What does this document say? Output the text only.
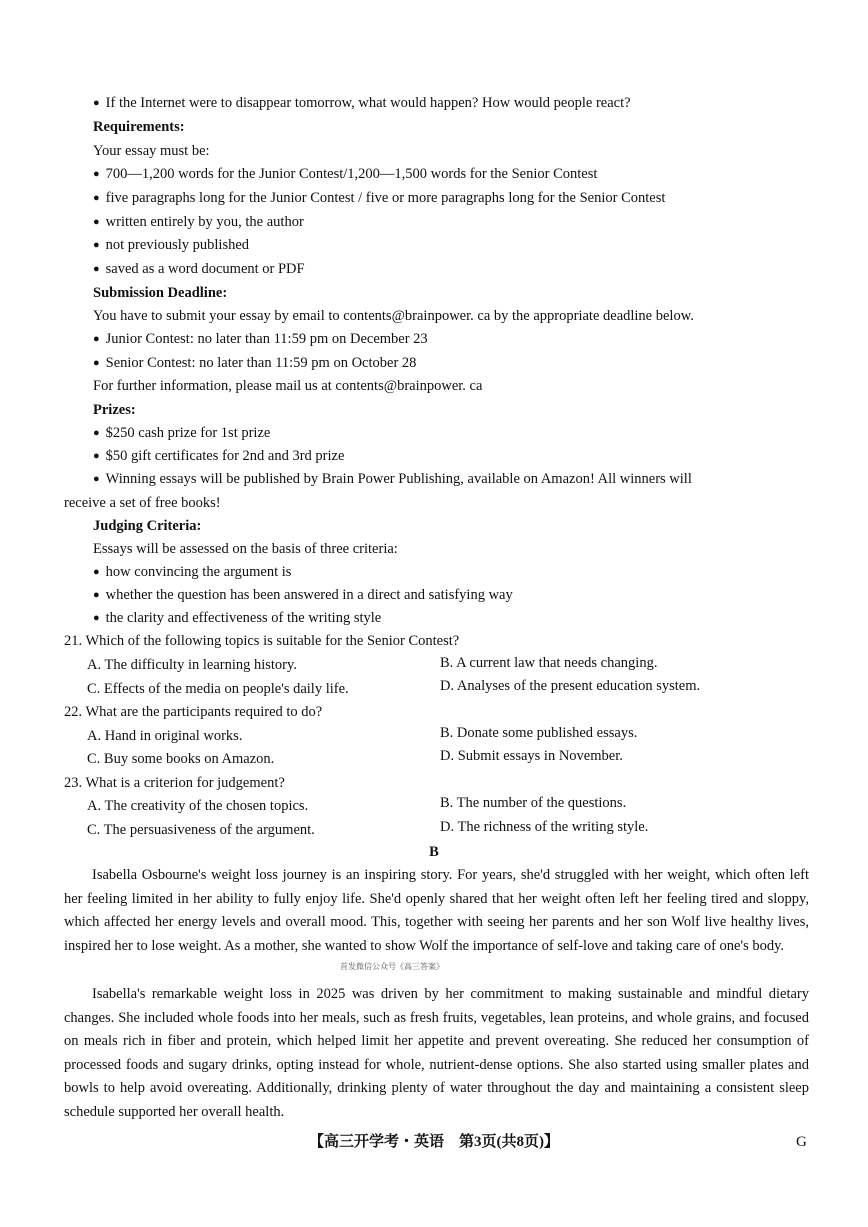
● If the Internet were to disappear tomorrow, what would happen? How would people react?
Requirements:
Your essay must be:
● 700—1,200 words for the Junior Contest/1,200—1,500 words for the Senior Contest
● five paragraphs long for the Junior Contest / five or more paragraphs long for the Senior Contest
● written entirely by you, the author
● not previously published
● saved as a word document or PDF
Submission Deadline:
You have to submit your essay by email to contents@brainpower. ca by the appropriate deadline below.
● Junior Contest: no later than 11:59 pm on December 23
● Senior Contest: no later than 11:59 pm on October 28
For further information, please mail us at contents@brainpower. ca
Prizes:
● $250 cash prize for 1st prize
● $50 gift certificates for 2nd and 3rd prize
● Winning essays will be published by Brain Power Publishing, available on Amazon! All winners will
receive a set of free books!
Judging Criteria:
Essays will be assessed on the basis of three criteria:
● how convincing the argument is
● whether the question has been answered in a direct and satisfying way
● the clarity and effectiveness of the writing style
21. Which of the following topics is suitable for the Senior Contest?
A. The difficulty in learning history.	B. A current law that needs changing.
C. Effects of the media on people's daily life.	D. Analyses of the present education system.
22. What are the participants required to do?
A. Hand in original works.	B. Donate some published essays.
C. Buy some books on Amazon.	D. Submit essays in November.
23. What is a criterion for judgement?
A. The creativity of the chosen topics.	B. The number of the questions.
C. The persuasiveness of the argument.	D. The richness of the writing style.
B
Isabella Osbourne's weight loss journey is an inspiring story. For years, she'd struggled with her weight, which often left her feeling limited in her ability to fully enjoy life. She'd openly shared that her weight often left her feeling tired and sloppy, which affected her energy levels and overall mood. This, together with seeing her parents and her son Wolf live healthy lives, inspired her to lose weight. As a mother, she wanted to show Wolf the importance of self-love and taking care of one's body.
首发微信公众号《高三答案》
Isabella's remarkable weight loss in 2025 was driven by her commitment to making sustainable and mindful dietary changes. She included whole foods into her meals, such as fresh fruits, vegetables, lean proteins, and whole grains, and focused on meals rich in fiber and protein, which helped limit her appetite and prevent overeating. She reduced her consumption of processed foods and sugary drinks, opting instead for whole, nutrient-dense options. She also started using smaller plates and bowls to help avoid overeating. Additionally, drinking plenty of water throughout the day and maintaining a consistent sleep schedule supported her overall health.
【高三开学考・英语　第3页(共8页)】	G
